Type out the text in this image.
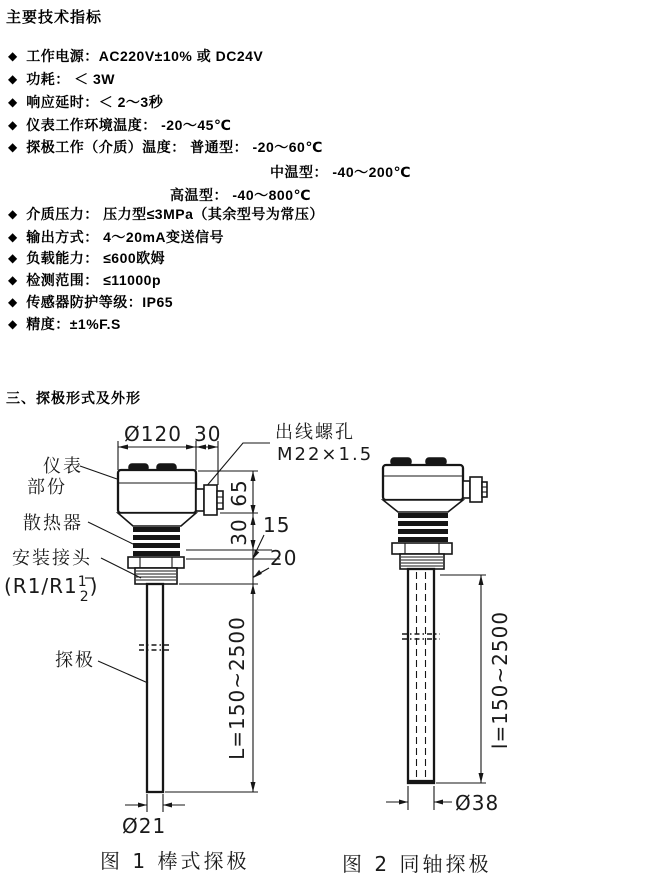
主要技术指标
◆ 工作电源：AC220V±10% 或 DC24V
◆ 功耗： ＜ 3W
◆ 响应延时：＜ 2～3秒
◆ 仪表工作环境温度： -20～45℃
◆ 探极工作（介质）温度： 普通型： -20～60℃
中温型： -40～200℃
高温型： -40～800℃
◆ 介质压力： 压力型≤3MPa（其余型号为常压）
◆ 输出方式： 4～20mA变送信号
◆ 负载能力： ≤600欧姆
◆ 检测范围： ≤11000p
◆ 传感器防护等级：IP65
◆ 精度：±1%F.S
三、探极形式及外形
Ø120 30	出线螺孔
M22×1.5
仪表
部份
散热器
安装接头
($R1/R1^1$ 2)
探极
65
30 15
20
L=150~2500
Ø21
图 1 棒式探极
l=150~2500
Ø38
图 2 同轴探极
